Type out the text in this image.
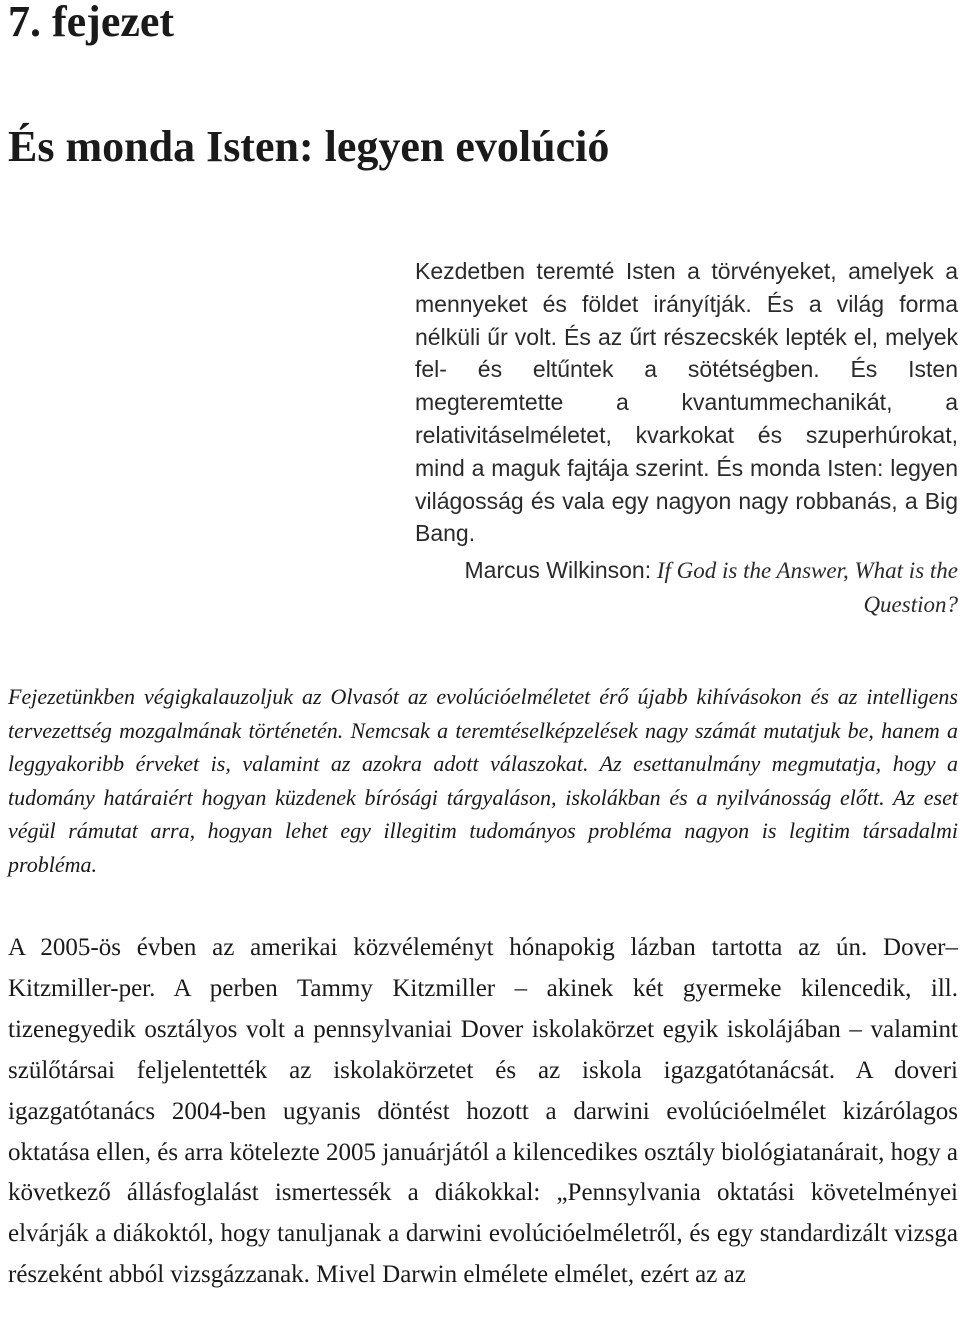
7. fejezet
És monda Isten: legyen evolúció

Kezdetben teremté Isten a törvényeket, amelyek a mennyeket és földet irányítják. És a világ forma nélküli űr volt. És az űrt részecskék lepték el, melyek fel- és eltűntek a sötétségben. És Isten megteremtette a kvantummechanikát, a relativitáselméletet, kvarkokat és szuperhúrokat, mind a maguk fajtája szerint. És monda Isten: legyen világosság és vala egy nagyon nagy robbanás, a Big Bang.

Marcus Wilkinson: If God is the Answer, What is the Question?

Fejezetünkben végigkalauzoljuk az Olvasót az evolúcióelméletet érő újabb kihívásokon és az intelligens tervezettség mozgalmának történetén. Nemcsak a teremtéselképzelések nagy számát mutatjuk be, hanem a leggyakoribb érveket is, valamint az azokra adott válaszokat. Az esettanulmány megmutatja, hogy a tudomány határaiért hogyan küzdenek bírósági tárgyaláson, iskolákban és a nyilvánosság előtt. Az eset végül rámutat arra, hogyan lehet egy illegitim tudományos probléma nagyon is legitim társadalmi probléma.

A 2005-ös évben az amerikai közvéleményt hónapokig lázban tartotta az ún. Dover–Kitzmiller-per. A perben Tammy Kitzmiller – akinek két gyermeke kilencedik, ill. tizenegyedik osztályos volt a pennsylvaniai Dover iskolakörzet egyik iskolájában – valamint szülőtársai feljelentették az iskolakörzetet és az iskola igazgatótanácsát. A doveri igazgatótanács 2004-ben ugyanis döntést hozott a darwini evolúcióelmélet kizárólagos oktatása ellen, és arra kötelezte 2005 januárjától a kilencedikes osztály biológiatanárait, hogy a következő állásfoglalást ismertessék a diákokkal: „Pennsylvania oktatási követelményei elvárják a diákoktól, hogy tanuljanak a darwini evolúcióelméletről, és egy standardizált vizsga részeként abból vizsgázzanak. Mivel Darwin elmélete elmélet, ezért az az
